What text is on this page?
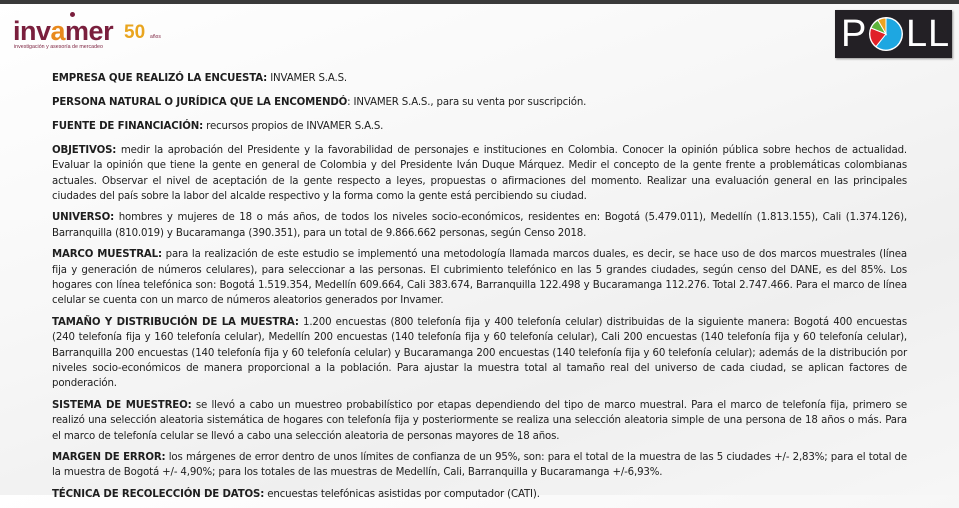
invamer 50 años
investigación y asesoría de mercadeo	P L L

EMPRESA QUE REALIZÓ LA ENCUESTA: INVAMER S.A.S.

PERSONA NATURAL O JURÍDICA QUE LA ENCOMENDÓ: INVAMER S.A.S., para su venta por suscripción.

FUENTE DE FINANCIACIÓN: recursos propios de INVAMER S.A.S.

OBJETIVOS: medir la aprobación del Presidente y la favorabilidad de personajes e instituciones en Colombia. Conocer la opinión pública sobre hechos de actualidad. Evaluar la opinión que tiene la gente en general de Colombia y del Presidente Iván Duque Márquez. Medir el concepto de la gente frente a problemáticas colombianas actuales. Observar el nivel de aceptación de la gente respecto a leyes, propuestas o afirmaciones del momento. Realizar una evaluación general en las principales ciudades del país sobre la labor del alcalde respectivo y la forma como la gente está percibiendo su ciudad.

UNIVERSO: hombres y mujeres de 18 o más años, de todos los niveles socio-económicos, residentes en: Bogotá (5.479.011), Medellín (1.813.155), Cali (1.374.126), Barranquilla (810.019) y Bucaramanga (390.351), para un total de 9.866.662 personas, según Censo 2018.

MARCO MUESTRAL: para la realización de este estudio se implementó una metodología llamada marcos duales, es decir, se hace uso de dos marcos muestrales (línea fija y generación de números celulares), para seleccionar a las personas. El cubrimiento telefónico en las 5 grandes ciudades, según censo del DANE, es del 85%. Los hogares con línea telefónica son: Bogotá 1.519.354, Medellín 609.664, Cali 383.674, Barranquilla 122.498 y Bucaramanga 112.276. Total 2.747.466. Para el marco de línea celular se cuenta con un marco de números aleatorios generados por Invamer.

TAMAÑO Y DISTRIBUCIÓN DE LA MUESTRA: 1.200 encuestas (800 telefonía fija y 400 telefonía celular) distribuidas de la siguiente manera: Bogotá 400 encuestas (240 telefonía fija y 160 telefonía celular), Medellín 200 encuestas (140 telefonía fija y 60 telefonía celular), Cali 200 encuestas (140 telefonía fija y 60 telefonía celular), Barranquilla 200 encuestas (140 telefonía fija y 60 telefonía celular) y Bucaramanga 200 encuestas (140 telefonía fija y 60 telefonía celular); además de la distribución por niveles socio-económicos de manera proporcional a la población. Para ajustar la muestra total al tamaño real del universo de cada ciudad, se aplican factores de ponderación.

SISTEMA DE MUESTREO: se llevó a cabo un muestreo probabilístico por etapas dependiendo del tipo de marco muestral. Para el marco de telefonía fija, primero se realizó una selección aleatoria sistemática de hogares con telefonía fija y posteriormente se realiza una selección aleatoria simple de una persona de 18 años o más. Para el marco de telefonía celular se llevó a cabo una selección aleatoria de personas mayores de 18 años.

MARGEN DE ERROR: los márgenes de error dentro de unos límites de confianza de un 95%, son: para el total de la muestra de las 5 ciudades +/- 2,83%; para el total de la muestra de Bogotá +/- 4,90%; para los totales de las muestras de Medellín, Cali, Barranquilla y Bucaramanga +/-6,93%.

TÉCNICA DE RECOLECCIÓN DE DATOS: encuestas telefónicas asistidas por computador (CATI).
